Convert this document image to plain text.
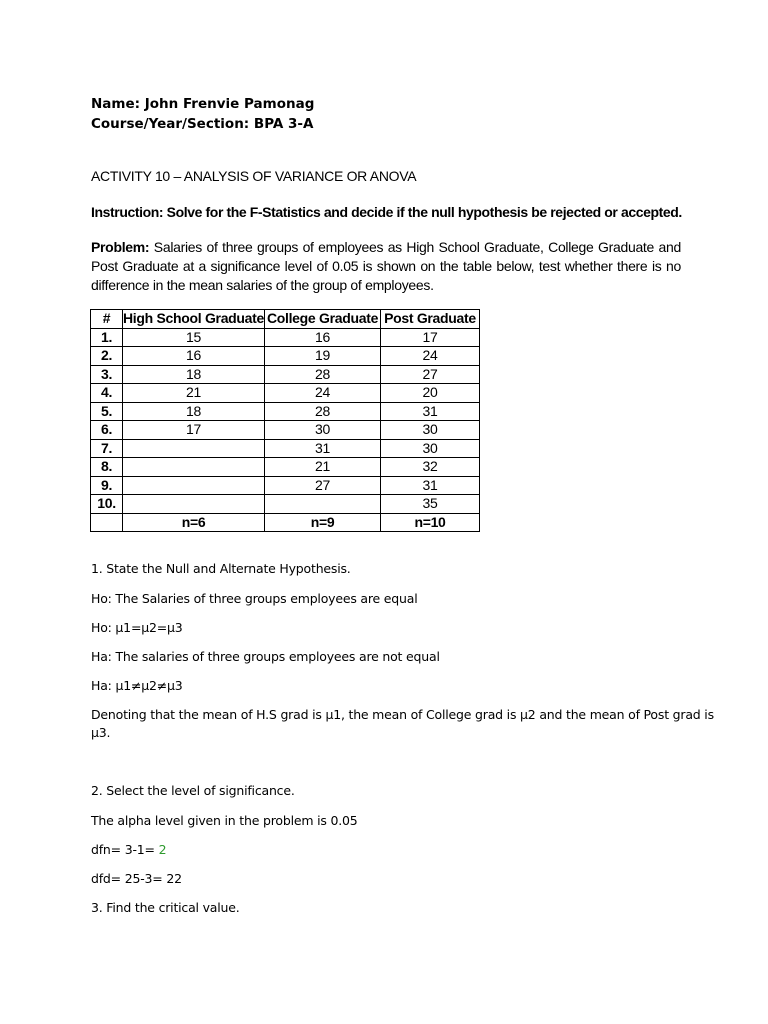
Name: John Frenvie Pamonag
Course/Year/Section: BPA 3-A
ACTIVITY 10 – ANALYSIS OF VARIANCE OR ANOVA
Instruction: Solve for the F-Statistics and decide if the null hypothesis be rejected or accepted.
Problem: Salaries of three groups of employees as High School Graduate, College Graduate and Post Graduate at a significance level of 0.05 is shown on the table below, test whether there is no difference in the mean salaries of the group of employees.
#	High School Graduate	College Graduate	Post Graduate
1.	15	16	17
2.	16	19	24
3.	18	28	27
4.	21	24	20
5.	18	28	31
6.	17	30	30
7.		31	30
8.		21	32
9.		27	31
10.			35
	n=6	n=9	n=10
1. State the Null and Alternate Hypothesis.
Ho: The Salaries of three groups employees are equal
Ho: µ1=µ2=µ3
Ha: The salaries of three groups employees are not equal
Ha: µ1≠µ2≠µ3
Denoting that the mean of H.S grad is µ1, the mean of College grad is µ2 and the mean of Post grad is
µ3.
2. Select the level of significance.
The alpha level given in the problem is 0.05
dfn= 3-1= 2
dfd= 25-3= 22
3. Find the critical value.
